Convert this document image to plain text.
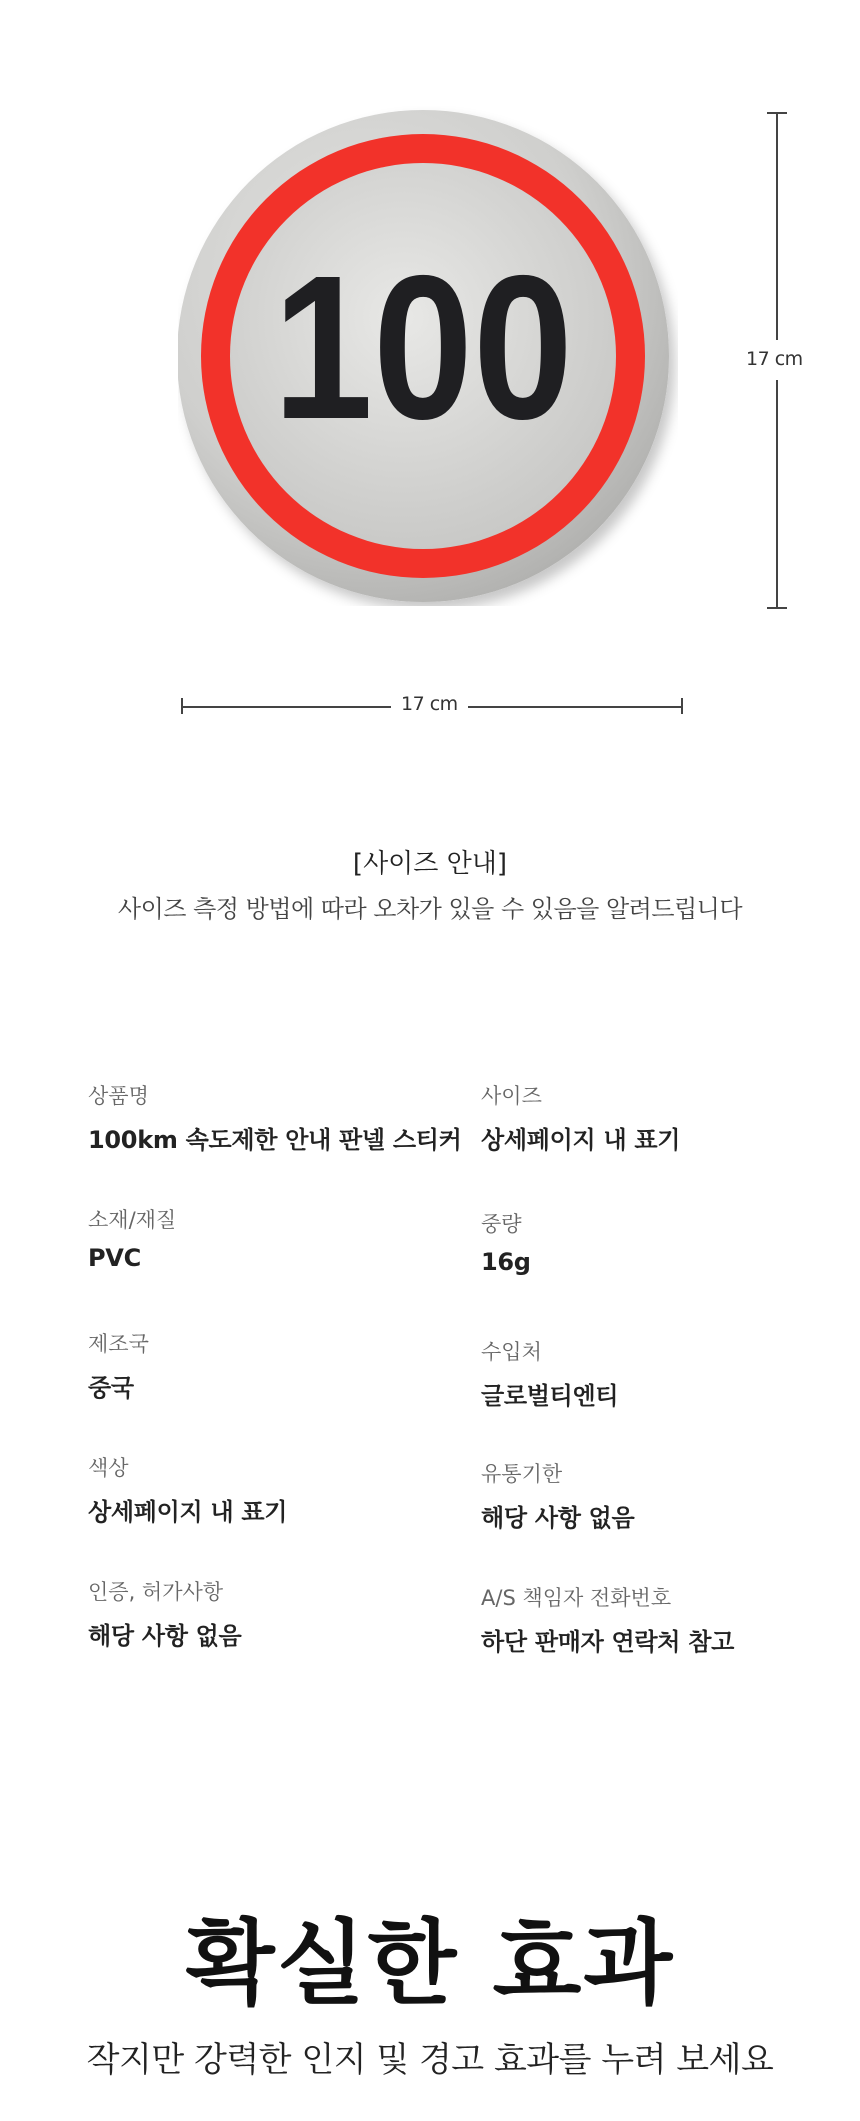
100	17 cm
17 cm
[사이즈 안내]
사이즈 측정 방법에 따라 오차가 있을 수 있음을 알려드립니다
상품명
100km 속도제한 안내 판넬 스티커
사이즈
상세페이지 내 표기
소재/재질
PVC
중량
16g
제조국
중국
수입처
글로벌티엔티
색상
상세페이지 내 표기
유통기한
해당 사항 없음
인증, 허가사항
해당 사항 없음
A/S 책임자 전화번호
하단 판매자 연락처 참고
확실한 효과
작지만 강력한 인지 및 경고 효과를 누려 보세요
